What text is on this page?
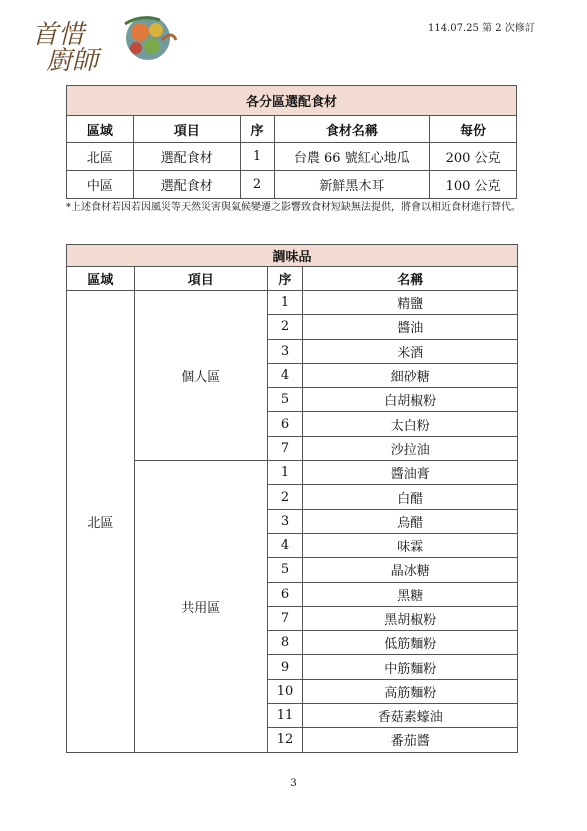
首惜
廚師
114.07.25 第 2 次修訂
各分區選配食材				
區域	項目	序	食材名稱	每份
北區	選配食材	1	台農 66 號紅心地瓜	200 公克
中區	選配食材	2	新鮮黑木耳	100 公克
*上述食材若因若因風災等天然災害與氣候變遷之影響致食材短缺無法提供，將會以相近食材進行替代。
調味品			
區域	項目	序	名稱
北區	個人區	1	精鹽
		2	醬油
		3	米酒
		4	細砂糖
		5	白胡椒粉
		6	太白粉
		7	沙拉油
	共用區	1	醬油膏
		2	白醋
		3	烏醋
		4	味霖
		5	晶冰糖
		6	黑糖
		7	黑胡椒粉
		8	低筋麵粉
		9	中筋麵粉
		10	高筋麵粉
		11	香菇素蠔油
		12	番茄醬
3
